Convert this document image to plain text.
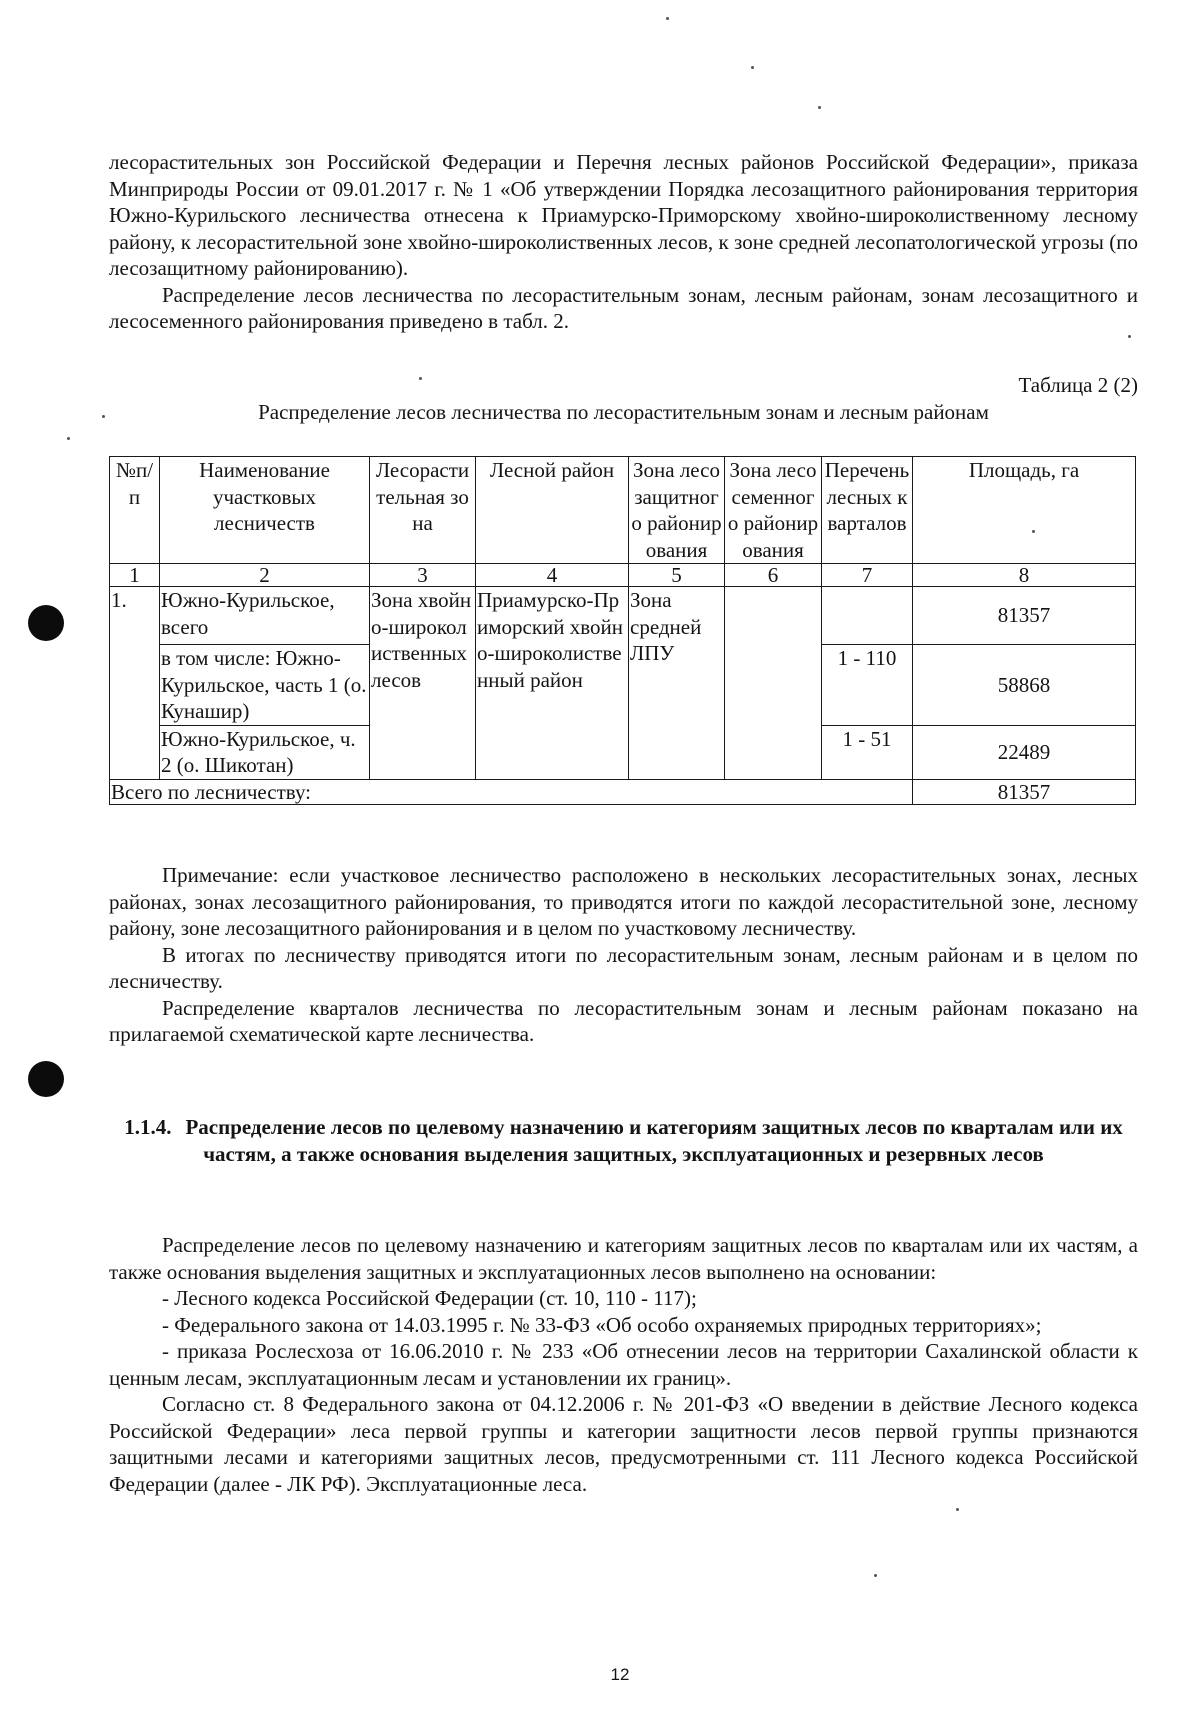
лесорастительных зон Российской Федерации и Перечня лесных районов Российской Федерации», приказа Минприроды России от 09.01.2017 г. № 1 «Об утверждении Порядка лесозащитного районирования территория Южно-Курильского лесничества отнесена к Приамурско-Приморскому хвойно-широколиственному лесному району, к лесорастительной зоне хвойно-широколиственных лесов, к зоне средней лесопатологической угрозы (по лесозащитному районированию).

Распределение лесов лесничества по лесорастительным зонам, лесным районам, зонам лесозащитного и лесосеменного районирования приведено в табл. 2.

Таблица 2 (2)
Распределение лесов лесничества по лесорастительным зонам и лесным районам
№п/п	Наименование участковых лесничеств	Лесорастительная зона	Лесной район	Зона лесозащитного районирования	Зона лесосеменного районирования	Перечень лесных кварталов	Площадь, га
1	2	3	4	5	6	7	8
1.	Южно-Курильское, всего	Зона хвойно-широколиственных лесов	Приамурско-Приморский хвойно-широколиственный район	Зона средней ЛПУ			81357
	в том числе: Южно-Курильское, часть 1 (о. Кунашир)					1 - 110	58868
	Южно-Курильское, ч. 2 (о. Шикотан)					1 - 51	22489
Всего по лесничеству:							81357

Примечание: если участковое лесничество расположено в нескольких лесорастительных зонах, лесных районах, зонах лесозащитного районирования, то приводятся итоги по каждой лесорастительной зоне, лесному району, зоне лесозащитного районирования и в целом по участковому лесничеству.

В итогах по лесничеству приводятся итоги по лесорастительным зонам, лесным районам и в целом по лесничеству.

Распределение кварталов лесничества по лесорастительным зонам и лесным районам показано на прилагаемой схематической карте лесничества.

1.1.4. Распределение лесов по целевому назначению и категориям защитных лесов по кварталам или их частям, а также основания выделения защитных, эксплуатационных и резервных лесов

Распределение лесов по целевому назначению и категориям защитных лесов по кварталам или их частям, а также основания выделения защитных и эксплуатационных лесов выполнено на основании:

- Лесного кодекса Российской Федерации (ст. 10, 110 - 117);

- Федерального закона от 14.03.1995 г. № 33-ФЗ «Об особо охраняемых природных территориях»;

- приказа Рослесхоза от 16.06.2010 г. № 233 «Об отнесении лесов на территории Сахалинской области к ценным лесам, эксплуатационным лесам и установлении их границ».

Согласно ст. 8 Федерального закона от 04.12.2006 г. № 201-ФЗ «О введении в действие Лесного кодекса Российской Федерации» леса первой группы и категории защитности лесов первой группы признаются защитными лесами и категориями защитных лесов, предусмотренными ст. 111 Лесного кодекса Российской Федерации (далее - ЛК РФ). Эксплуатационные леса.

12
